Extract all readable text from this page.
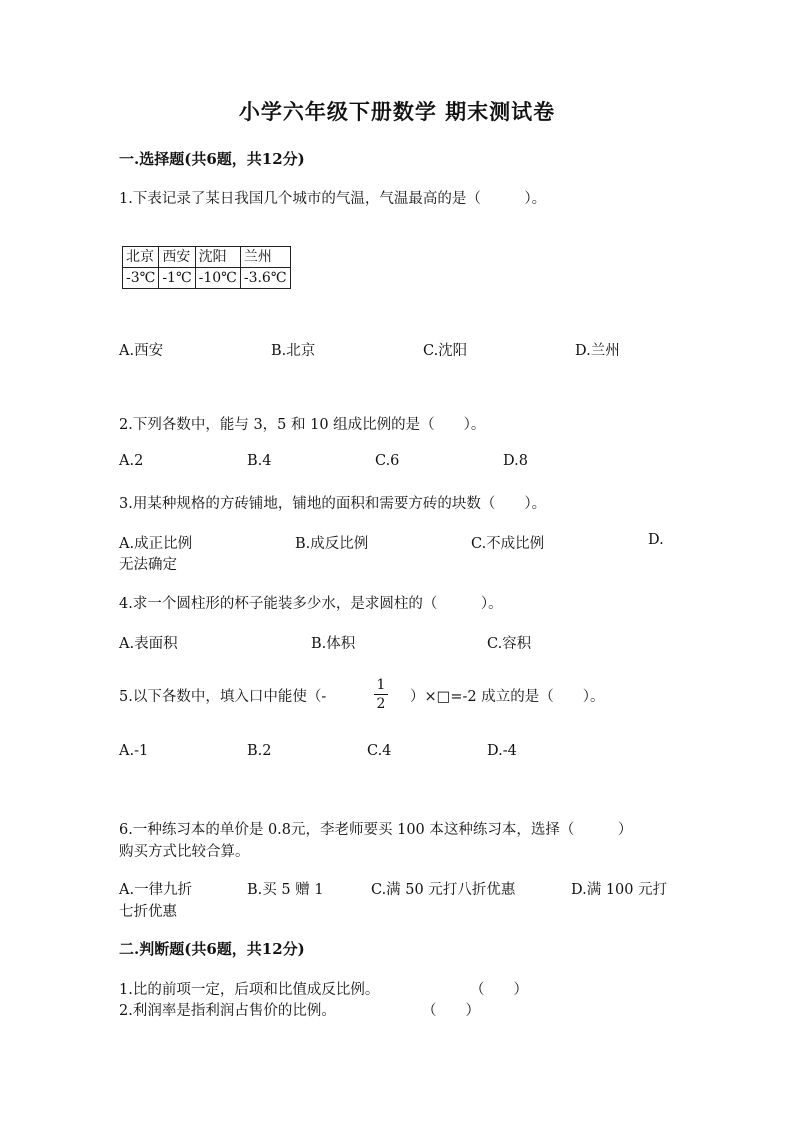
小学六年级下册数学 期末测试卷
一.选择题(共6题，共12分)
1.下表记录了某日我国几个城市的气温，气温最高的是（　　　）。
北京	西安	沈阳	兰州
-3℃	-1℃	-10℃	-3.6℃
A.西安	B.北京	C.沈阳	D.兰州
2.下列各数中，能与 3，5 和 10 组成比例的是（　　）。
A.2	B.4	C.6	D.8
3.用某种规格的方砖铺地，铺地的面积和需要方砖的块数（　　）。
A.成正比例	B.成反比例	C.不成比例	D.
无法确定
4.求一个圆柱形的杯子能装多少水，是求圆柱的（　　　）。
A.表面积	B.体积	C.容积
5.以下各数中，填入口中能使（-
1
2 ）×□=-2 成立的是（　　）。
A.-1	B.2	C.4	D.-4
6.一种练习本的单价是 0.8元，李老师要买 100 本这种练习本，选择（　　　）
购买方式比较合算。
A.一律九折	B.买 5 赠 1	C.满 50 元打八折优惠	D.满 100 元打
七折优惠
二.判断题(共6题，共12分)
1.比的前项一定，后项和比值成反比例。	（　　）
2.利润率是指利润占售价的比例。	（　　）
